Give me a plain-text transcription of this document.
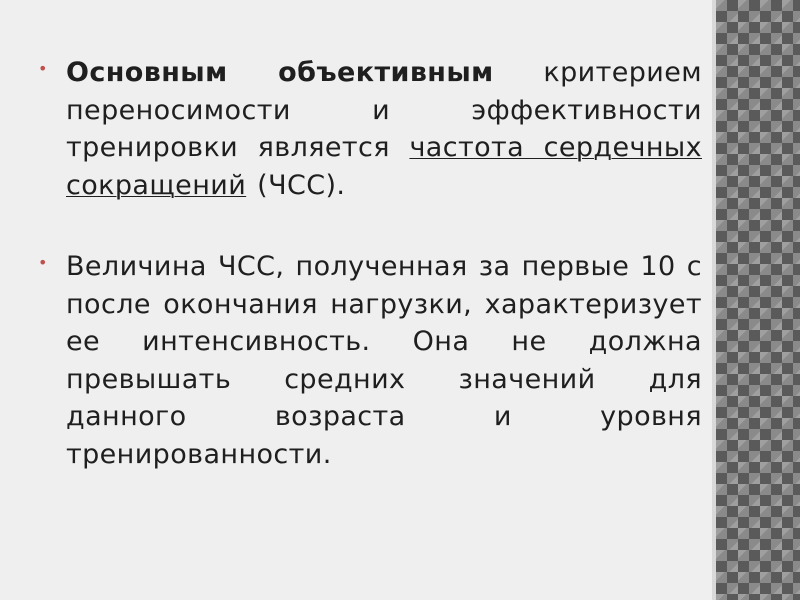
• Основным объективным критерием переносимости и эффективности тренировки является частота сердечных сокращений (ЧСС).
• Величина ЧСС, полученная за первые 10 с после окончания нагрузки, характеризует ее интенсивность. Она не должна превышать средних значений для данного возраста и уровня тренированности.
